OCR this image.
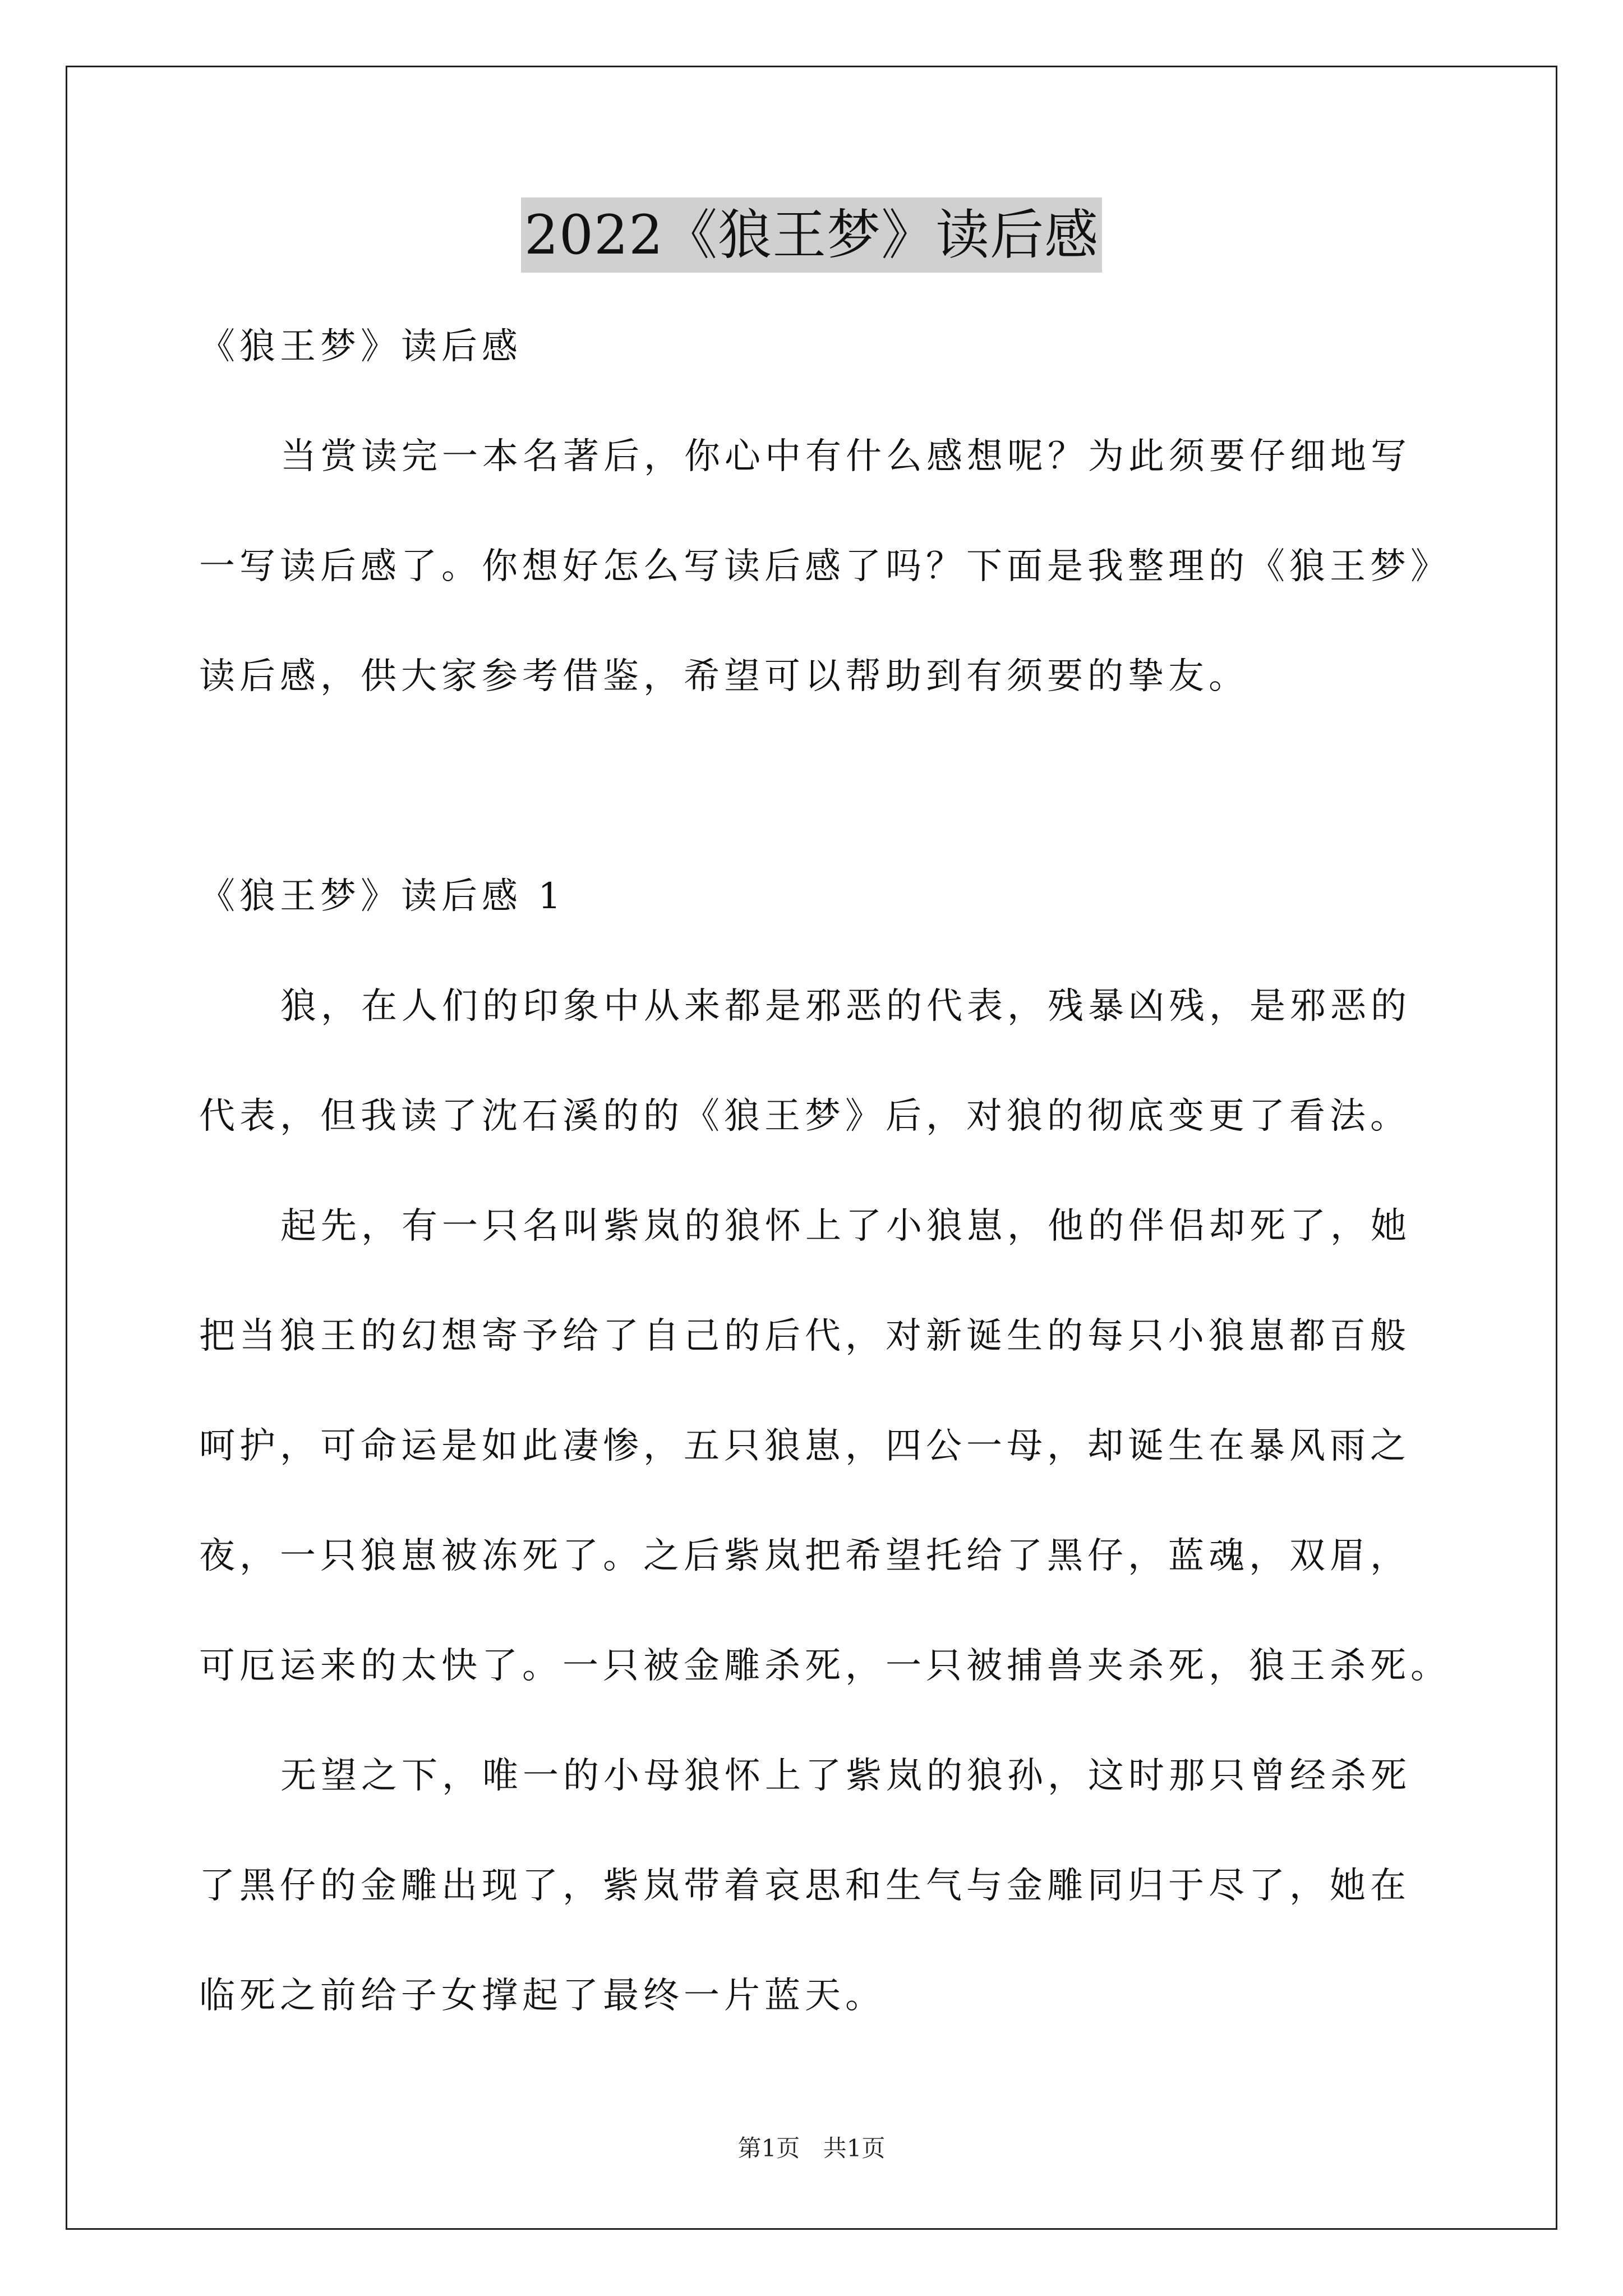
2022《狼王梦》读后感

《狼王梦》读后感

当赏读完一本名著后，你心中有什么感想呢？为此须要仔细地写

一写读后感了。你想好怎么写读后感了吗？下面是我整理的《狼王梦》

读后感，供大家参考借鉴，希望可以帮助到有须要的挚友。

《狼王梦》读后感 1

狼，在人们的印象中从来都是邪恶的代表，残暴凶残，是邪恶的

代表，但我读了沈石溪的的《狼王梦》后，对狼的彻底变更了看法。

起先，有一只名叫紫岚的狼怀上了小狼崽，他的伴侣却死了，她

把当狼王的幻想寄予给了自己的后代，对新诞生的每只小狼崽都百般

呵护，可命运是如此凄惨，五只狼崽，四公一母，却诞生在暴风雨之

夜，一只狼崽被冻死了。之后紫岚把希望托给了黑仔，蓝魂，双眉，

可厄运来的太快了。一只被金雕杀死，一只被捕兽夹杀死，狼王杀死。

无望之下，唯一的小母狼怀上了紫岚的狼孙，这时那只曾经杀死

了黑仔的金雕出现了，紫岚带着哀思和生气与金雕同归于尽了，她在

临死之前给子女撑起了最终一片蓝天。

第1页 共1页
